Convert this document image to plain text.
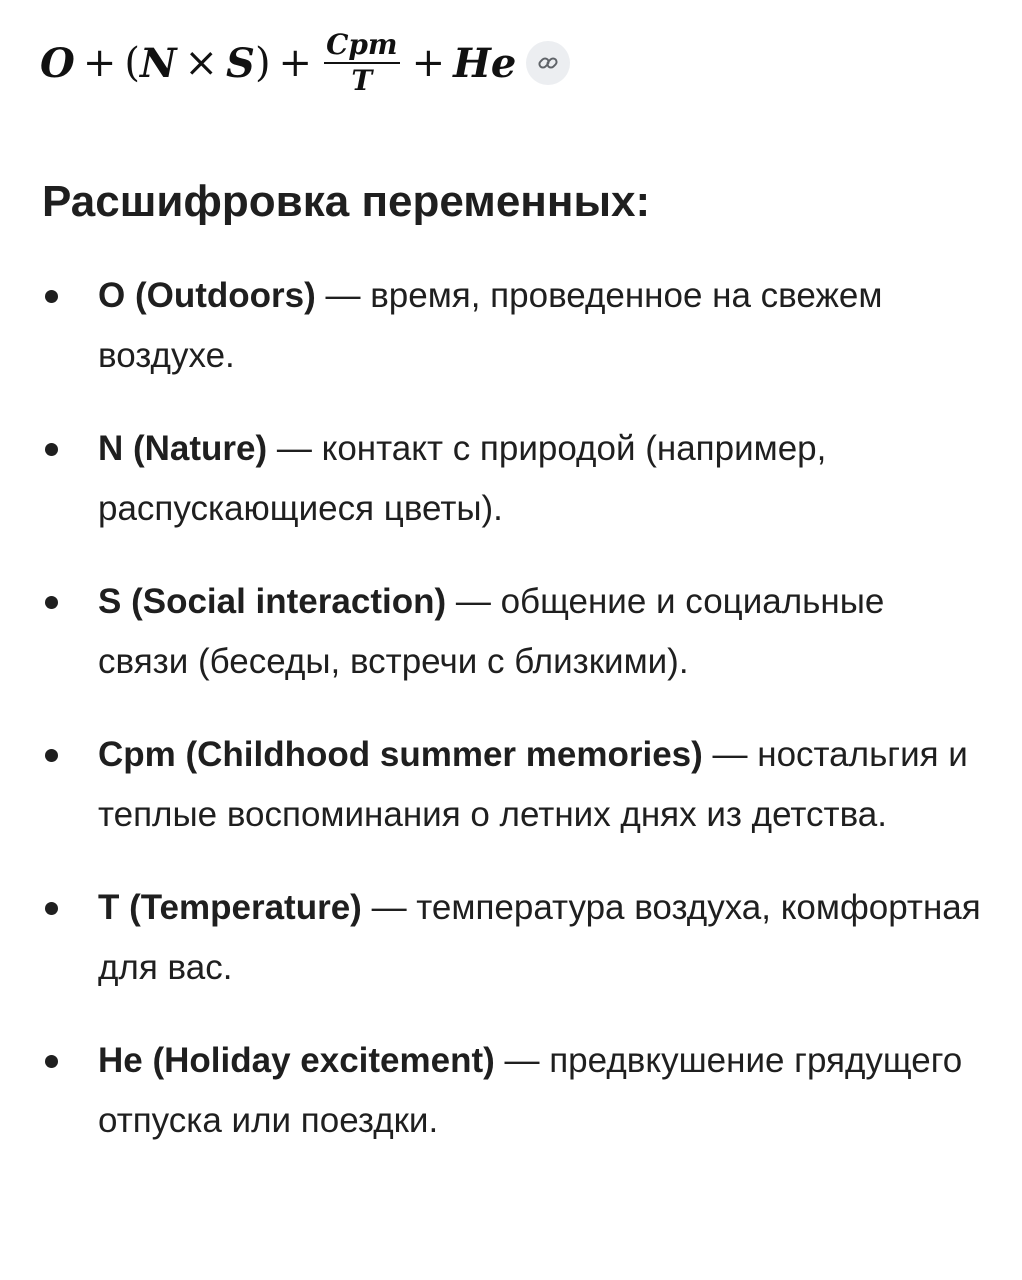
O + ( N × S ) + $\frac{\text{Cpm}}{T} + He$
Расшифровка переменных:
O (Outdoors) — время, проведенное на свежем воздухе.
N (Nature) — контакт с природой (например, распускающиеся цветы).
S (Social interaction) — общение и социальные связи (беседы, встречи с близкими).
Cpm (Childhood summer memories) — ностальгия и теплые воспоминания о летних днях из детства.
T (Temperature) — температура воздуха, комфортная для вас.
He (Holiday excitement) — предвкушение грядущего отпуска или поездки.
